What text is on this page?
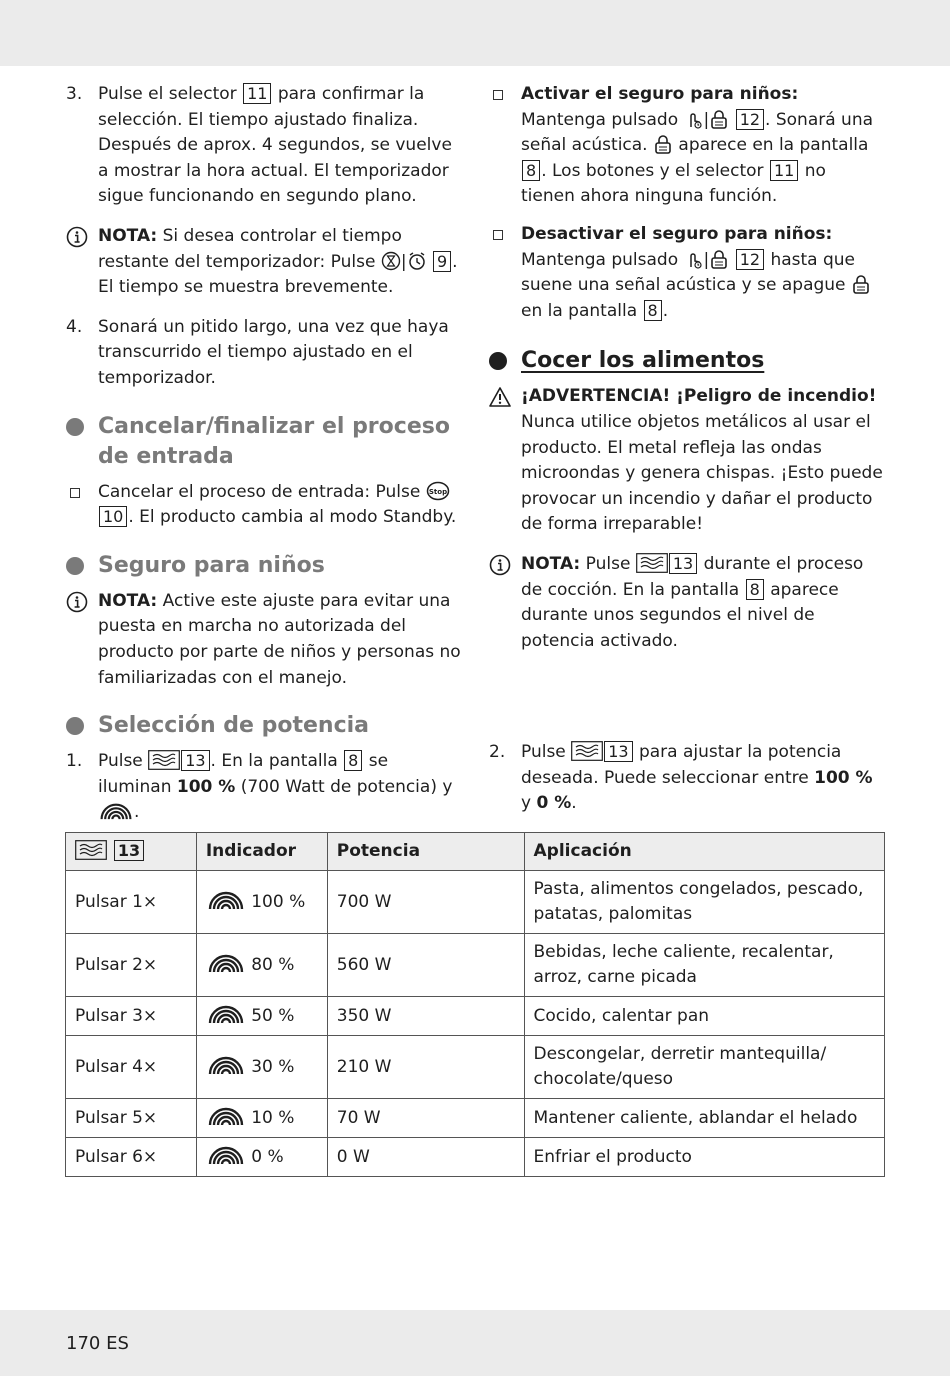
3. Pulse el selector 11 para confirmar la selección. El tiempo ajustado finaliza. Después de aprox. 4 segundos, se vuelve a mostrar la hora actual. El temporizador sigue funcionando en segundo plano.
NOTA: Si desea controlar el tiempo restante del temporizador: Pulse | 9 . El tiempo se muestra brevemente.
4. Sonará un pitido largo, una vez que haya transcurrido el tiempo ajustado en el temporizador.
Cancelar/finalizar el proceso de entrada
Cancelar el proceso de entrada: Pulse 10 . El producto cambia al modo Standby.
Seguro para niños
NOTA: Active este ajuste para evitar una puesta en marcha no autorizada del producto por parte de niños y personas no familiarizadas con el manejo.
Selección de potencia
1. Pulse	13 . En la pantalla 8 se iluminan 100 % (700 Watt de potencia) y .
Activar el seguro para niños:
Mantenga pulsado | 12 . Sonará una señal acústica. aparece en la pantalla 8 . Los botones y el selector 11 no tienen ahora ninguna función.
Desactivar el seguro para niños:
Mantenga pulsado | 12 hasta que suene una señal acústica y se apague  en la pantalla 8 .
Cocer los alimentos
¡ADVERTENCIA! ¡Peligro de incendio!
Nunca utilice objetos metálicos al usar el producto. El metal refleja las ondas microondas y genera chispas. ¡Esto puede provocar un incendio y dañar el producto de forma irreparable!
NOTA: Pulse	13 durante el proceso de cocción. En la pantalla 8 aparece durante unos segundos el nivel de potencia activado.
2. Pulse	13 para ajustar la potencia deseada. Puede seleccionar entre 100 % y 0 %.
13	Indicador	Potencia	Aplicación
Pulsar 1×	100 %	700 W	Pasta, alimentos congelados, pescado, patatas, palomitas
Pulsar 2×	80 %	560 W	Bebidas, leche caliente, recalentar, arroz, carne picada
Pulsar 3×	50 %	350 W	Cocido, calentar pan
Pulsar 4×	30 %	210 W	Descongelar, derretir mantequilla/ chocolate/queso
Pulsar 5×	10 %	70 W	Mantener caliente, ablandar el helado
Pulsar 6×	0 %	0 W	Enfriar el producto
170 ES
